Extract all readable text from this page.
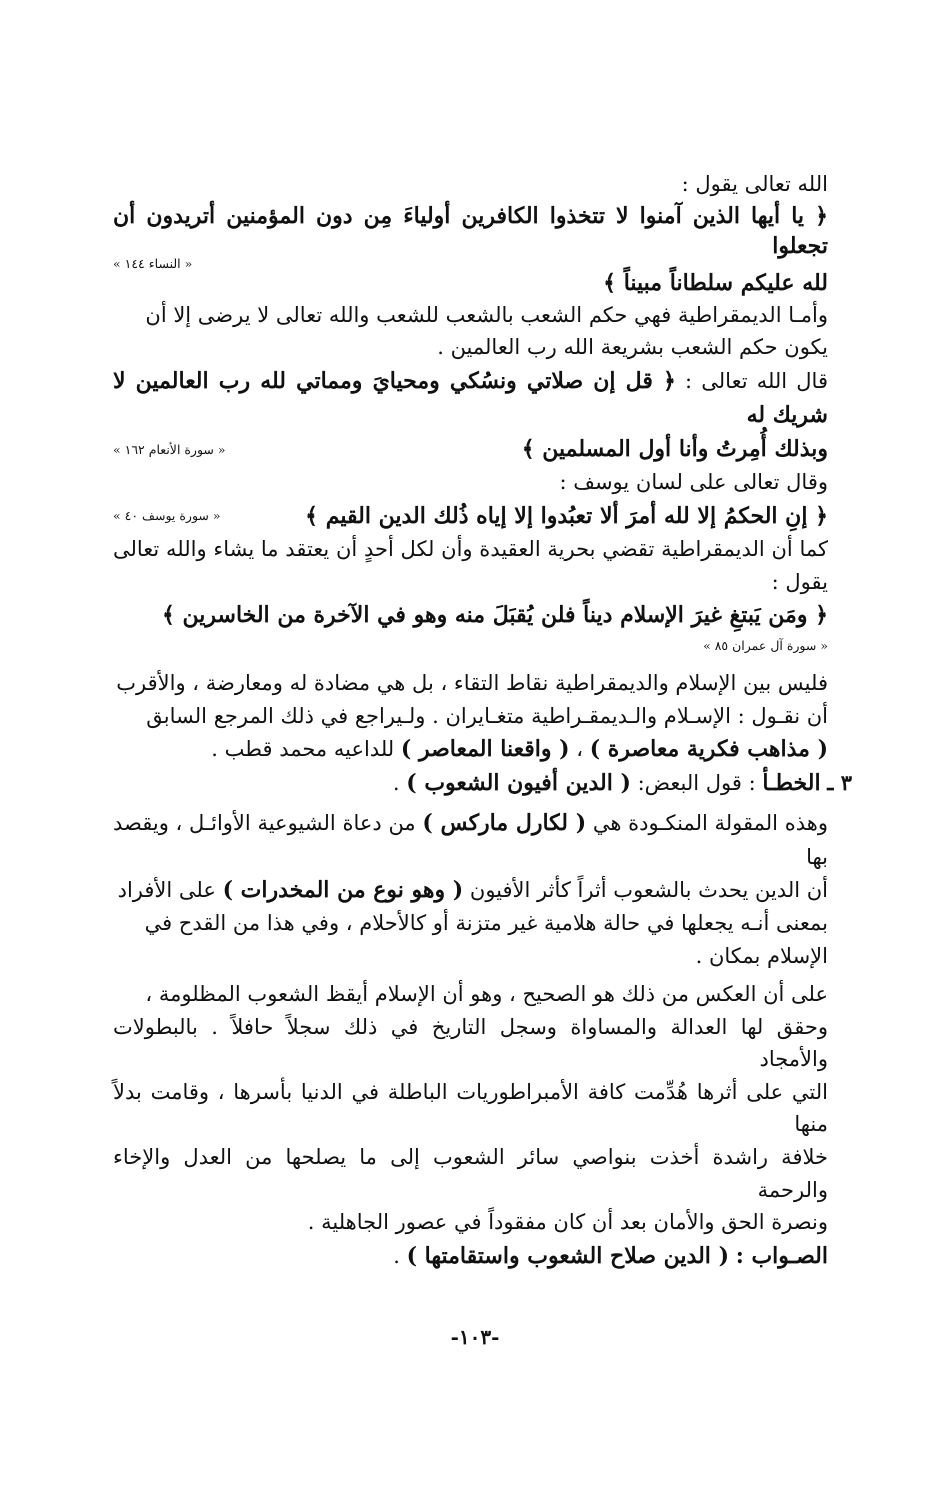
الله تعالى يقول :

﴿ يا أيها الذين آمنوا لا تتخذوا الكافرين أولياءَ مِن دون المؤمنين أتريدون أن تجعلوا

« النساء ١٤٤ »

لله عليكم سلطاناً مبيناً ﴾

وأمـا الديمقراطية فهي حكم الشعب بالشعب للشعب والله تعالى لا يرضى إلا أن

يكون حكم الشعب بشريعة الله رب العالمين .

قال الله تعالى : ﴿ قل إن صلاتي ونسُكي ومحيايَ ومماتي لله رب العالمين لا شريك له

وبذلك أُمِرتُ وأنا أول المسلمين ﴾
« سورة الأنعام ١٦٢ »

وقال تعالى على لسان يوسف :

﴿ إنِ الحكمُ إلا لله أمرَ ألا تعبُدوا إلا إياه ذُلك الدين القيم ﴾
« سورة يوسف ٤٠ »

كما أن الديمقراطية تقضي بحرية العقيدة وأن لكل أحدٍ أن يعتقد ما يشاء والله تعالى يقول :

﴿ ومَن يَبتغِ غيرَ الإسلام ديناً فلن يُقبَلَ منه وهو في الآخرة من الخاسرين ﴾

« سورة آل عمران ٨٥ »

فليس بين الإسلام والديمقراطية نقاط التقاء ، بل هي مضادة له ومعارضة ، والأقرب

أن نقـول : الإسـلام والـديمقـراطية متغـايران . ولـيراجع في ذلك المرجع السابق

( مذاهب فكرية معاصرة ) ، ( واقعنا المعاصر ) للداعيه محمد قطب .

٣ ـ الخطـأ : قول البعض: ( الدين أفيون الشعوب ) .

وهذه المقولة المنكـودة هي ( لكارل ماركس ) من دعاة الشيوعية الأوائـل ، ويقصد بها

أن الدين يحدث بالشعوب أثراً كأثر الأفيون ( وهو نوع من المخدرات ) على الأفراد

بمعنى أنـه يجعلها في حالة هلامية غير متزنة أو كالأحلام ، وفي هذا من القدح في

الإسلام بمكان .

على أن العكس من ذلك هو الصحيح ، وهو أن الإسلام أيقظ الشعوب المظلومة ،

وحقق لها العدالة والمساواة وسجل التاريخ في ذلك سجلاً حافلاً . بالبطولات والأمجاد

التي على أثرها هُدِّمت كافة الأمبراطوريات الباطلة في الدنيا بأسرها ، وقامت بدلاً منها

خلافة راشدة أخذت بنواصي سائر الشعوب إلى ما يصلحها من العدل والإخاء والرحمة

ونصرة الحق والأمان بعد أن كان مفقوداً في عصور الجاهلية .

الصـواب : ( الدين صلاح الشعوب واستقامتها ) .

-١٠٣-
